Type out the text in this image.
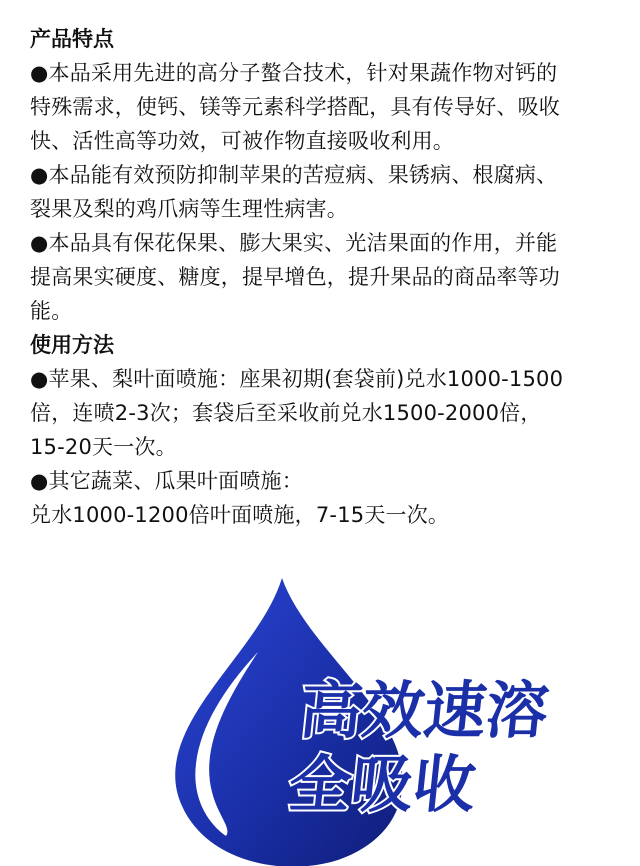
产品特点

●本品采用先进的高分子螯合技术，针对果蔬作物对钙的

特殊需求，使钙、镁等元素科学搭配，具有传导好、吸收

快、活性高等功效，可被作物直接吸收利用。

●本品能有效预防抑制苹果的苦痘病、果锈病、根腐病、

裂果及梨的鸡爪病等生理性病害。

●本品具有保花保果、膨大果实、光洁果面的作用，并能

提高果实硬度、糖度，提早增色，提升果品的商品率等功

能。

使用方法

●苹果、梨叶面喷施：座果初期(套袋前)兑水1000-1500

倍，连喷2-3次；套袋后至采收前兑水1500-2000倍，

15-20天一次。

●其它蔬菜、瓜果叶面喷施：

兑水1000-1200倍叶面喷施，7-15天一次。

高效速溶
全吸收
